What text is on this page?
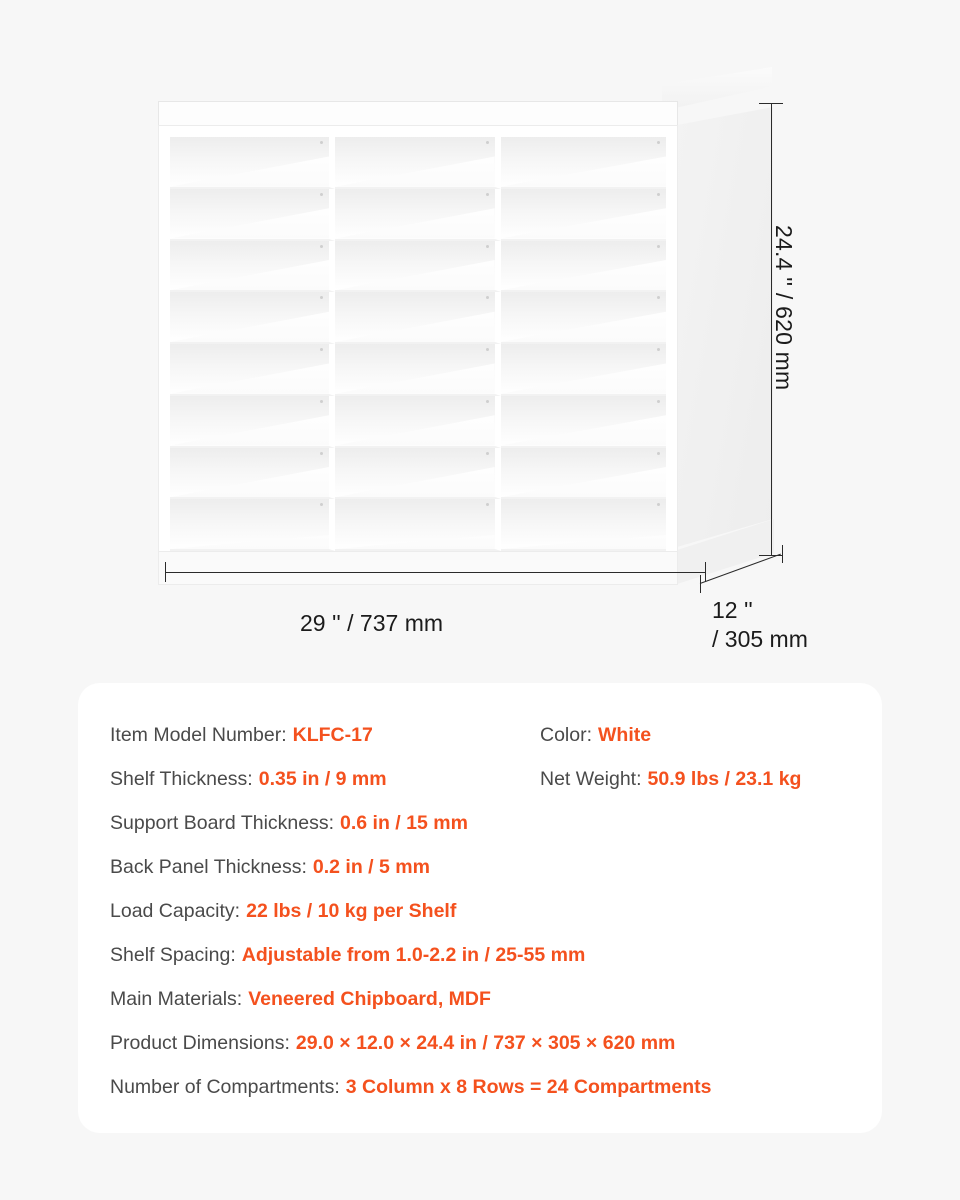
24.4 '' / 620 mm
29 '' / 737 mm	12 ''
/ 305 mm
Item Model Number: KLFC-17
Shelf Thickness: 0.35 in / 9 mm
Color: White
Net Weight: 50.9 lbs / 23.1 kg
Support Board Thickness: 0.6 in / 15 mm
Back Panel Thickness: 0.2 in / 5 mm
Load Capacity: 22 lbs / 10 kg per Shelf
Shelf Spacing: Adjustable from 1.0-2.2 in / 25-55 mm
Main Materials: Veneered Chipboard, MDF
Product Dimensions: 29.0 × 12.0 × 24.4 in / 737 × 305 × 620 mm
Number of Compartments: 3 Column x 8 Rows = 24 Compartments
